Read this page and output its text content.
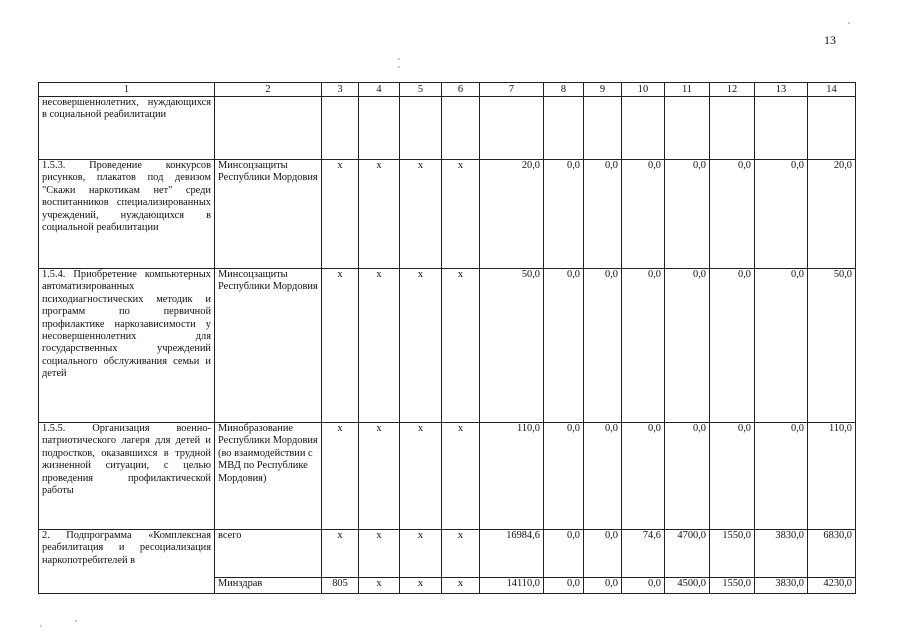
13
1	2	3	4	5	6	7	8	9	10	11	12	13	14
несовершеннолетних, нуждающихся в социальной реабилитации													
1.5.3. Проведение конкурсов рисунков, плакатов под девизом "Скажи наркотикам нет" среди воспитанников специализированных учреждений, нуждающихся в социальной реабилитации	Минсоцзащиты Республики Мордовия	x	x	x	x	20,0	0,0	0,0	0,0	0,0	0,0	0,0	20,0
1.5.4. Приобретение компьютерных автоматизированных психодиагностических методик и программ по первичной профилактике наркозависимости у несовершеннолетних для государственных учреждений социального обслуживания семьи и детей	Минсоцзащиты Республики Мордовия	x	x	x	x	50,0	0,0	0,0	0,0	0,0	0,0	0,0	50,0
1.5.5. Организация военно-патриотического лагеря для детей и подростков, оказавшихся в трудной жизненной ситуации, с целью проведения профилактической работы	Минобразование Республики Мордовия (во взаимодействии с МВД по Республике Мордовия)	x	x	x	x	110,0	0,0	0,0	0,0	0,0	0,0	0,0	110,0
2. Подпрограмма «Комплексная реабилитация и ресоциализация наркопотребителей в	всего	x	x	x	x	16984,6	0,0	0,0	74,6	4700,0	1550,0	3830,0	6830,0
	Минздрав	805	x	x	x	14110,0	0,0	0,0	0,0	4500,0	1550,0	3830,0	4230,0
